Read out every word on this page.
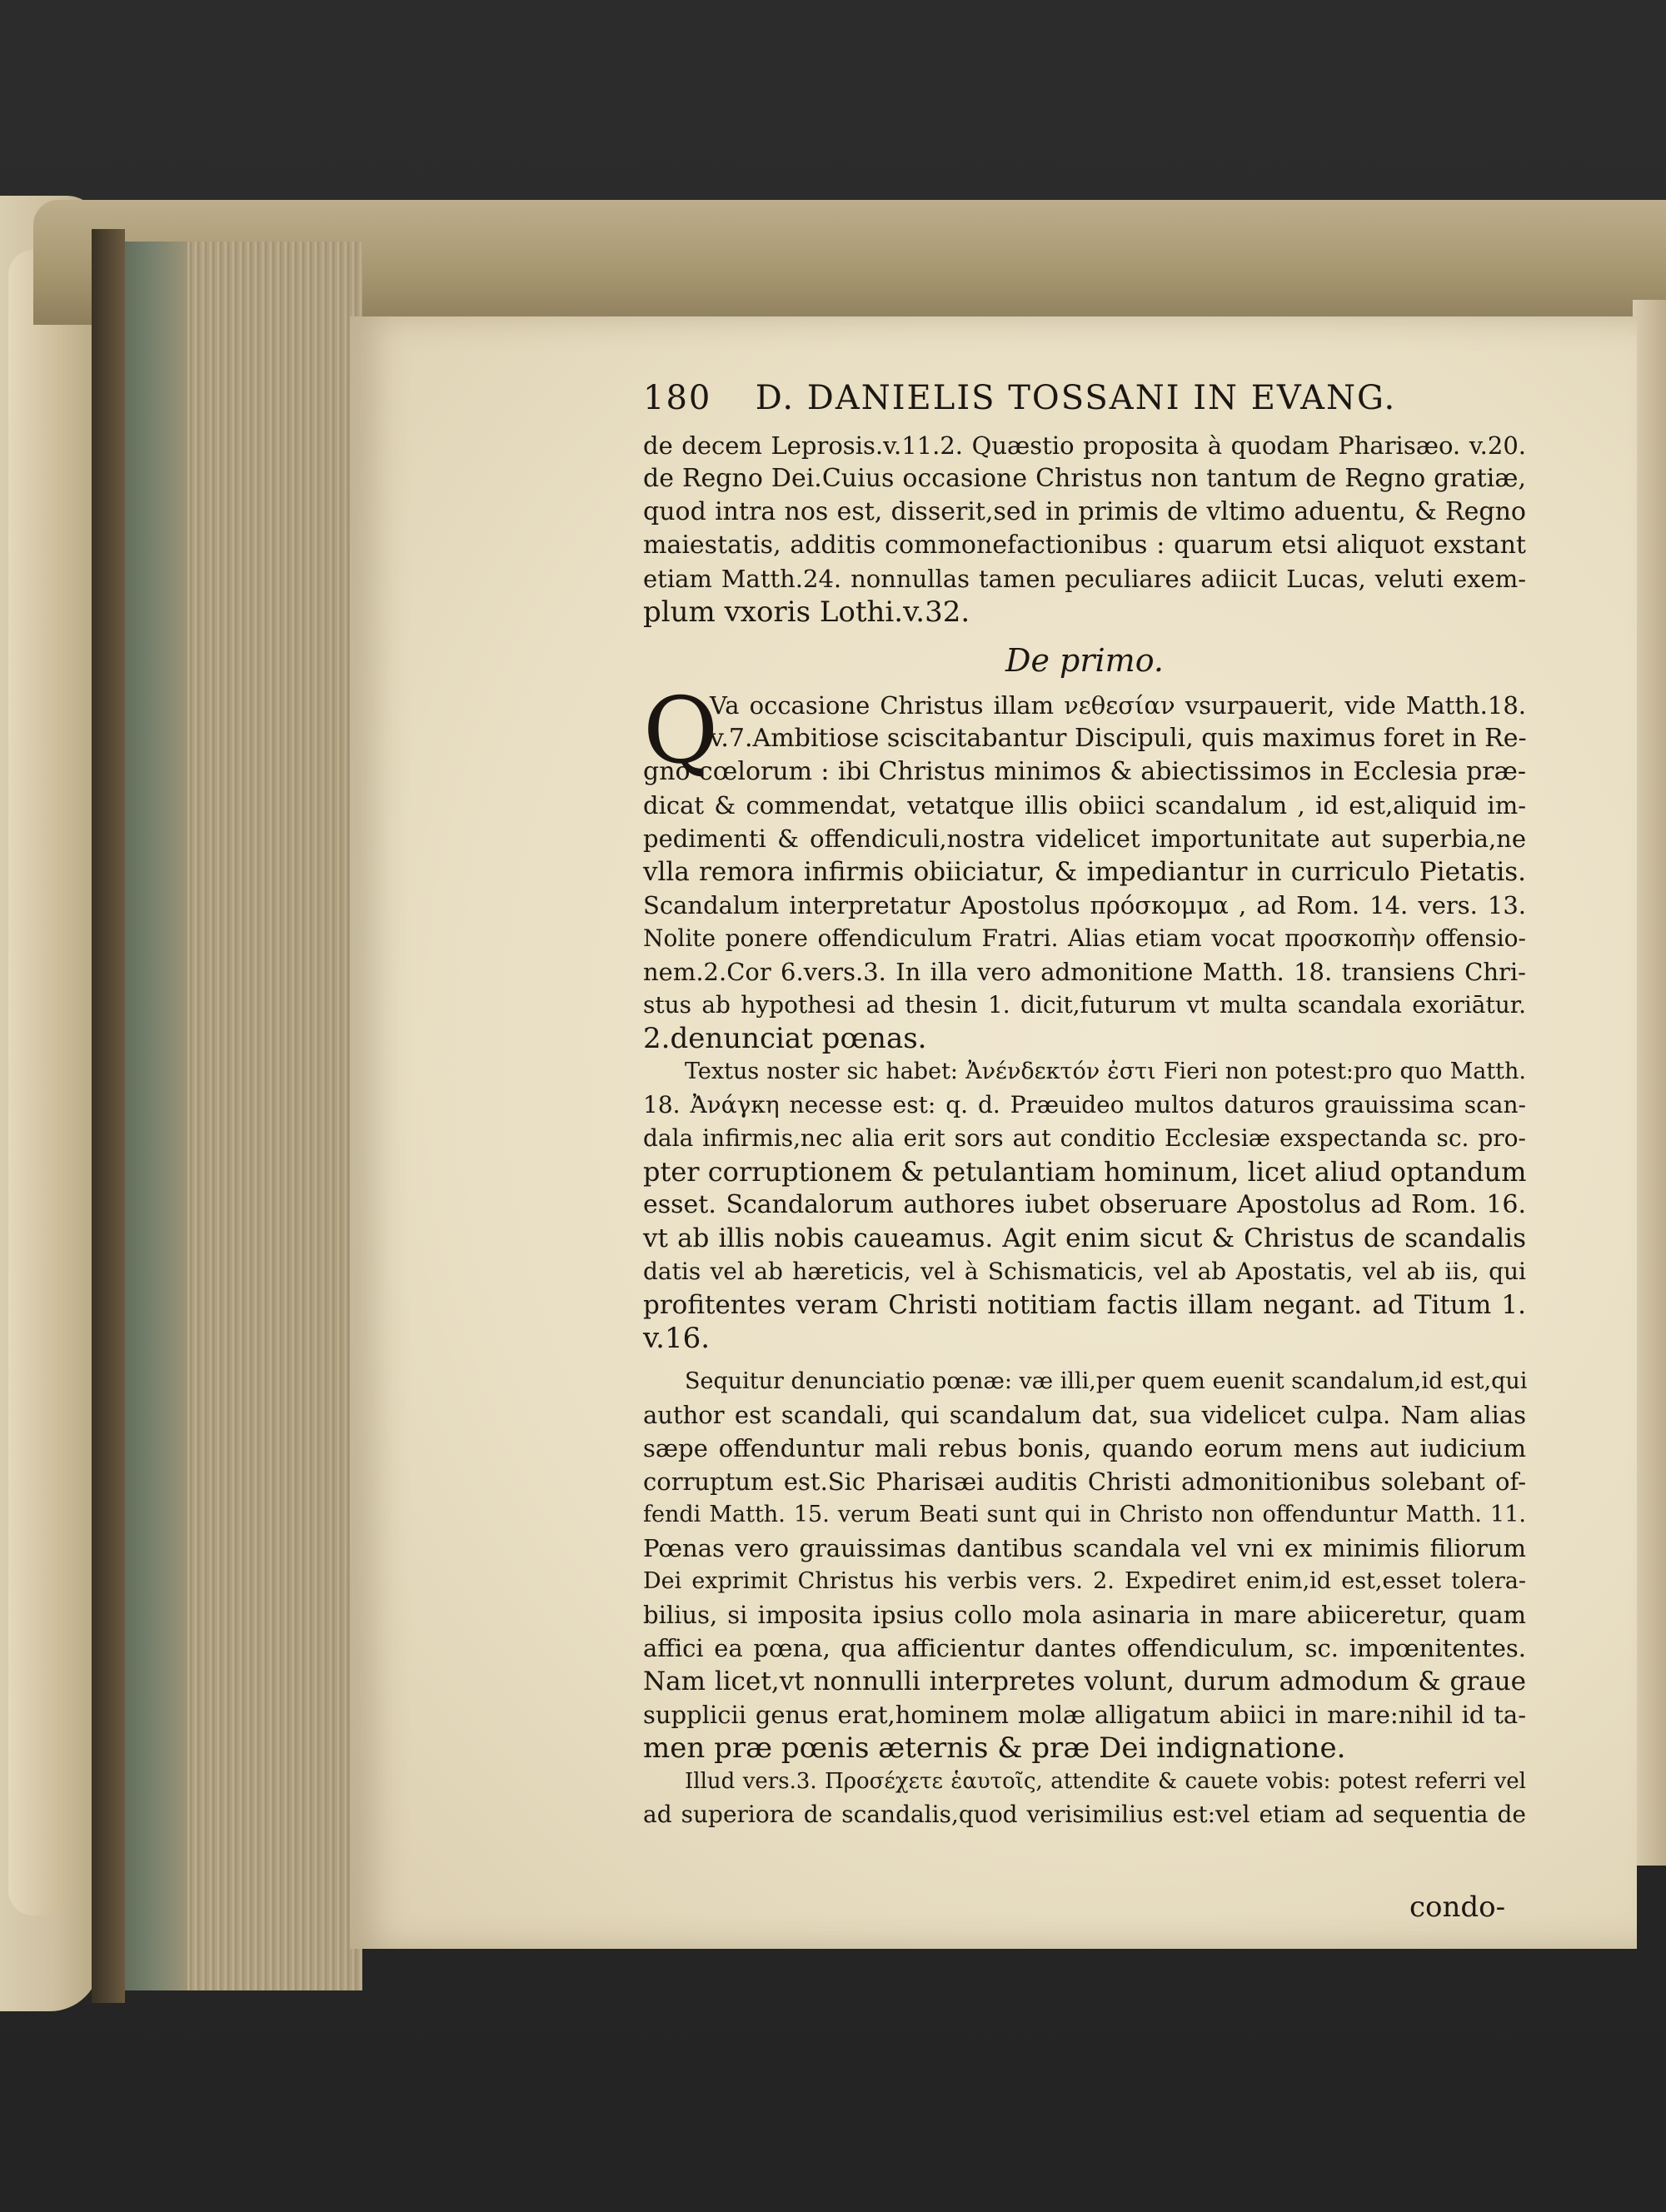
180 D. DANIELIS TOSSANI IN EVANG.
de decem Leprosis.v.11.2. Quæstio proposita à quodam Pharisæo. v.20.
de Regno Dei.Cuius occasione Christus non tantum de Regno gratiæ,
quod intra nos est, disserit,sed in primis de vltimo aduentu, & Regno
maiestatis, additis commonefactionibus : quarum etsi aliquot exstant
etiam Matth.24. nonnullas tamen peculiares adiicit Lucas, veluti exem-
plum vxoris Lothi.v.32.
De primo.
Q
Va occasione Christus illam νεθεσίαν vsurpauerit, vide Matth.18.
v.7.Ambitiose sciscitabantur Discipuli, quis maximus foret in Re-
gno cœlorum : ibi Christus minimos & abiectissimos in Ecclesia præ-
dicat & commendat, vetatque illis obiici scandalum , id est,aliquid im-
pedimenti & offendiculi,nostra videlicet importunitate aut superbia,ne
vlla remora infirmis obiiciatur, & impediantur in curriculo Pietatis.
Scandalum interpretatur Apostolus πρόσκομμα , ad Rom. 14. vers. 13.
Nolite ponere offendiculum Fratri. Alias etiam vocat προσκοπὴν offensio-
nem.2.Cor 6.vers.3. In illa vero admonitione Matth. 18. transiens Chri-
stus ab hypothesi ad thesin 1. dicit,futurum vt multa scandala exoriātur.
2.denunciat pœnas.
Textus noster sic habet: Ἀνένδεκτόν ἐστι Fieri non potest:pro quo Matth.
18. Ἀνάγκη necesse est: q. d. Præuideo multos daturos grauissima scan-
dala infirmis,nec alia erit sors aut conditio Ecclesiæ exspectanda sc. pro-
pter corruptionem & petulantiam hominum, licet aliud optandum
esset. Scandalorum authores iubet obseruare Apostolus ad Rom. 16.
vt ab illis nobis caueamus. Agit enim sicut & Christus de scandalis
datis vel ab hæreticis, vel à Schismaticis, vel ab Apostatis, vel ab iis, qui
profitentes veram Christi notitiam factis illam negant. ad Titum 1.
v.16.
Sequitur denunciatio pœnæ: væ illi,per quem euenit scandalum,id est,qui
author est scandali, qui scandalum dat, sua videlicet culpa. Nam alias
sæpe offenduntur mali rebus bonis, quando eorum mens aut iudicium
corruptum est.Sic Pharisæi auditis Christi admonitionibus solebant of-
fendi Matth. 15. verum Beati sunt qui in Christo non offenduntur Matth. 11.
Pœnas vero grauissimas dantibus scandala vel vni ex minimis filiorum
Dei exprimit Christus his verbis vers. 2. Expediret enim,id est,esset tolera-
bilius, si imposita ipsius collo mola asinaria in mare abiiceretur, quam
affici ea pœna, qua afficientur dantes offendiculum, sc. impœnitentes.
Nam licet,vt nonnulli interpretes volunt, durum admodum & graue
supplicii genus erat,hominem molæ alligatum abiici in mare:nihil id ta-
men præ pœnis æternis & præ Dei indignatione.
Illud vers.3. Προσέχετε ἑαυτοῖς, attendite & cauete vobis: potest referri vel
ad superiora de scandalis,quod verisimilius est:vel etiam ad sequentia de
condo-
